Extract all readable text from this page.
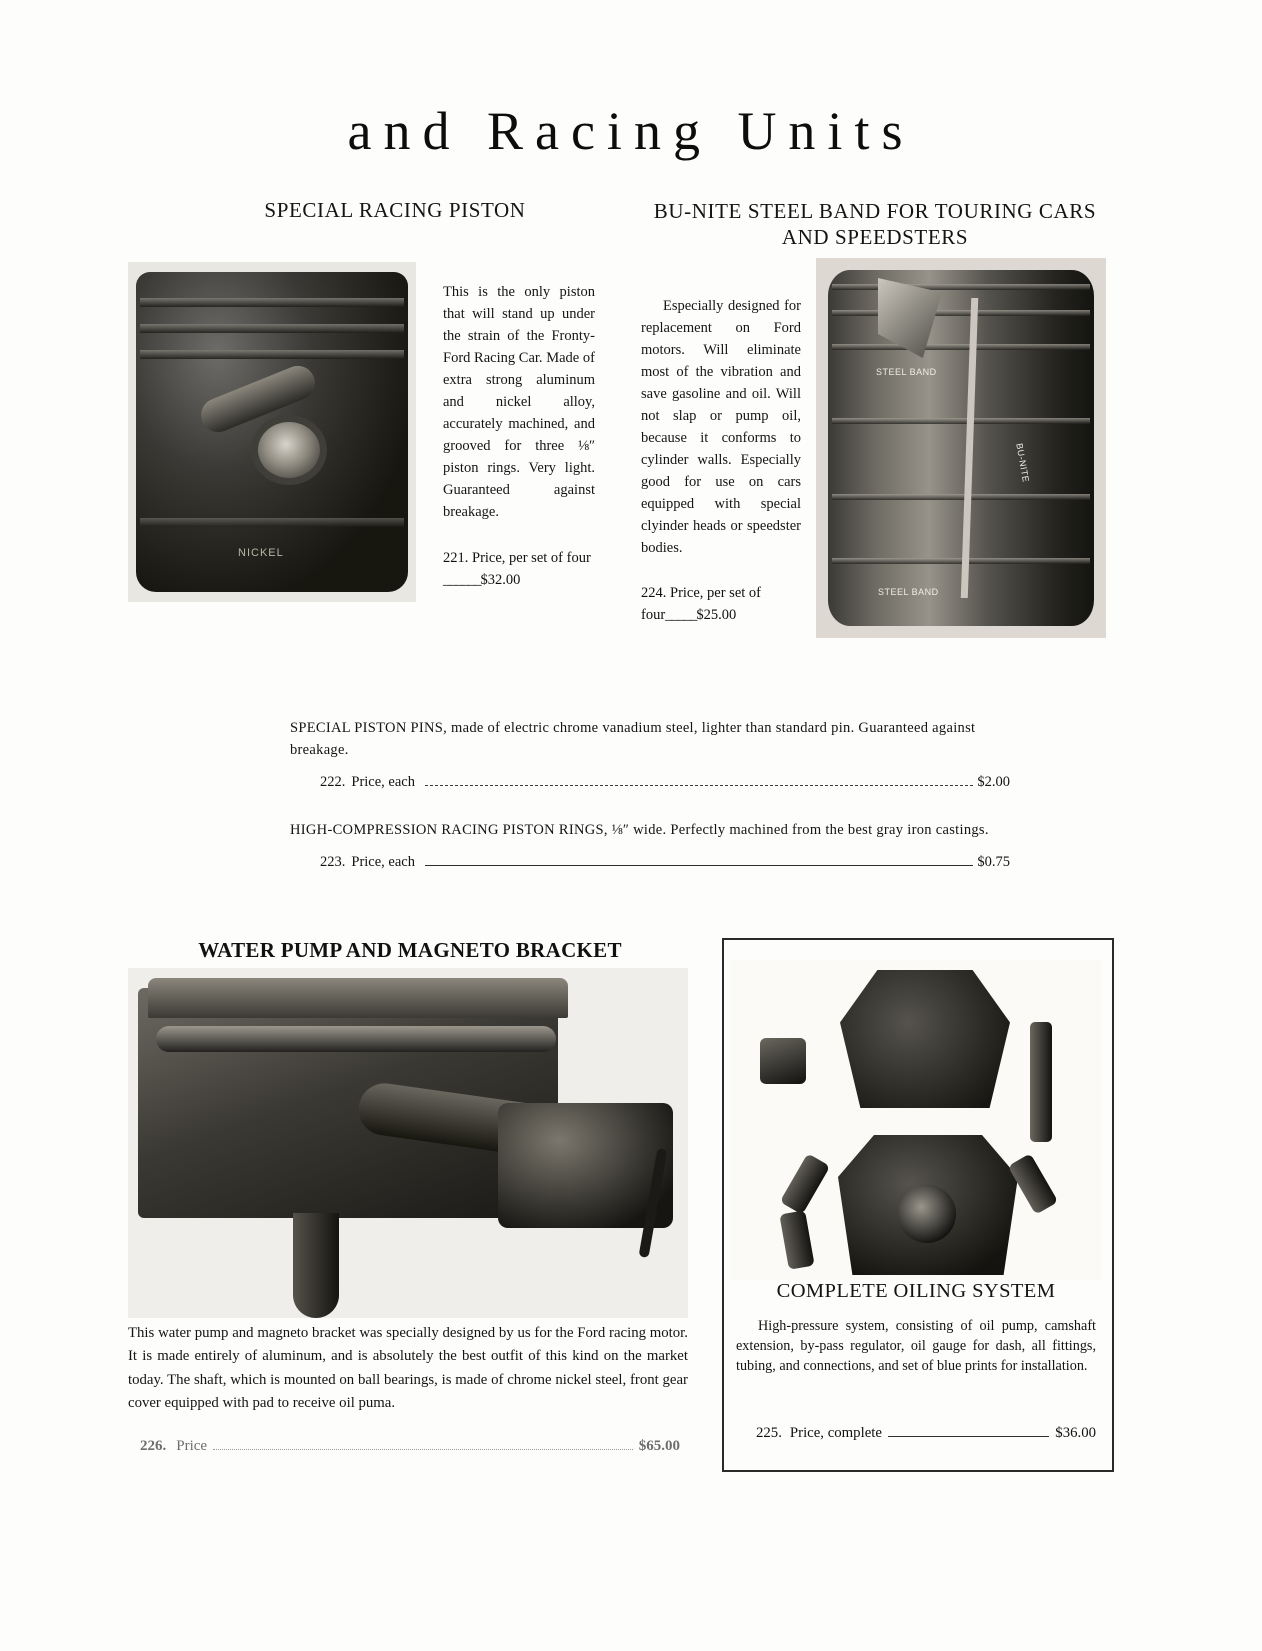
and Racing Units
SPECIAL RACING PISTON
NICKEL
This is the only piston that will stand up under the strain of the Fronty-Ford Racing Car. Made of extra strong aluminum and nickel alloy, accurately machined, and grooved for three ⅛″ piston rings. Very light. Guaranteed against breakage.
221. Price, per set of four ______$32.00
BU-NITE STEEL BAND FOR TOURING CARS AND SPEEDSTERS
STEEL BAND
STEEL BAND
BU-NITE
Especially designed for replacement on Ford motors. Will eliminate most of the vibration and save gasoline and oil. Will not slap or pump oil, because it conforms to cylinder walls. Especially good for use on cars equipped with special clyinder heads or speedster bodies.
224. Price, per set of four_____$25.00
SPECIAL PISTON PINS, made of electric chrome vanadium steel, lighter than standard pin. Guaranteed against breakage.
222. Price, each	$2.00
HIGH-COMPRESSION RACING PISTON RINGS, ⅛″ wide. Perfectly machined from the best gray iron castings.
223. Price, each	$0.75
WATER PUMP AND MAGNETO BRACKET
This water pump and magneto bracket was specially designed by us for the Ford racing motor. It is made entirely of aluminum, and is absolutely the best outfit of this kind on the market today. The shaft, which is mounted on ball bearings, is made of chrome nickel steel, front gear cover equipped with pad to receive oil puma.
226. Price	$65.00
COMPLETE OILING SYSTEM
High-pressure system, consisting of oil pump, camshaft extension, by-pass regulator, oil gauge for dash, all fittings, tubing, and connections, and set of blue prints for installation.
225. Price, complete	$36.00
